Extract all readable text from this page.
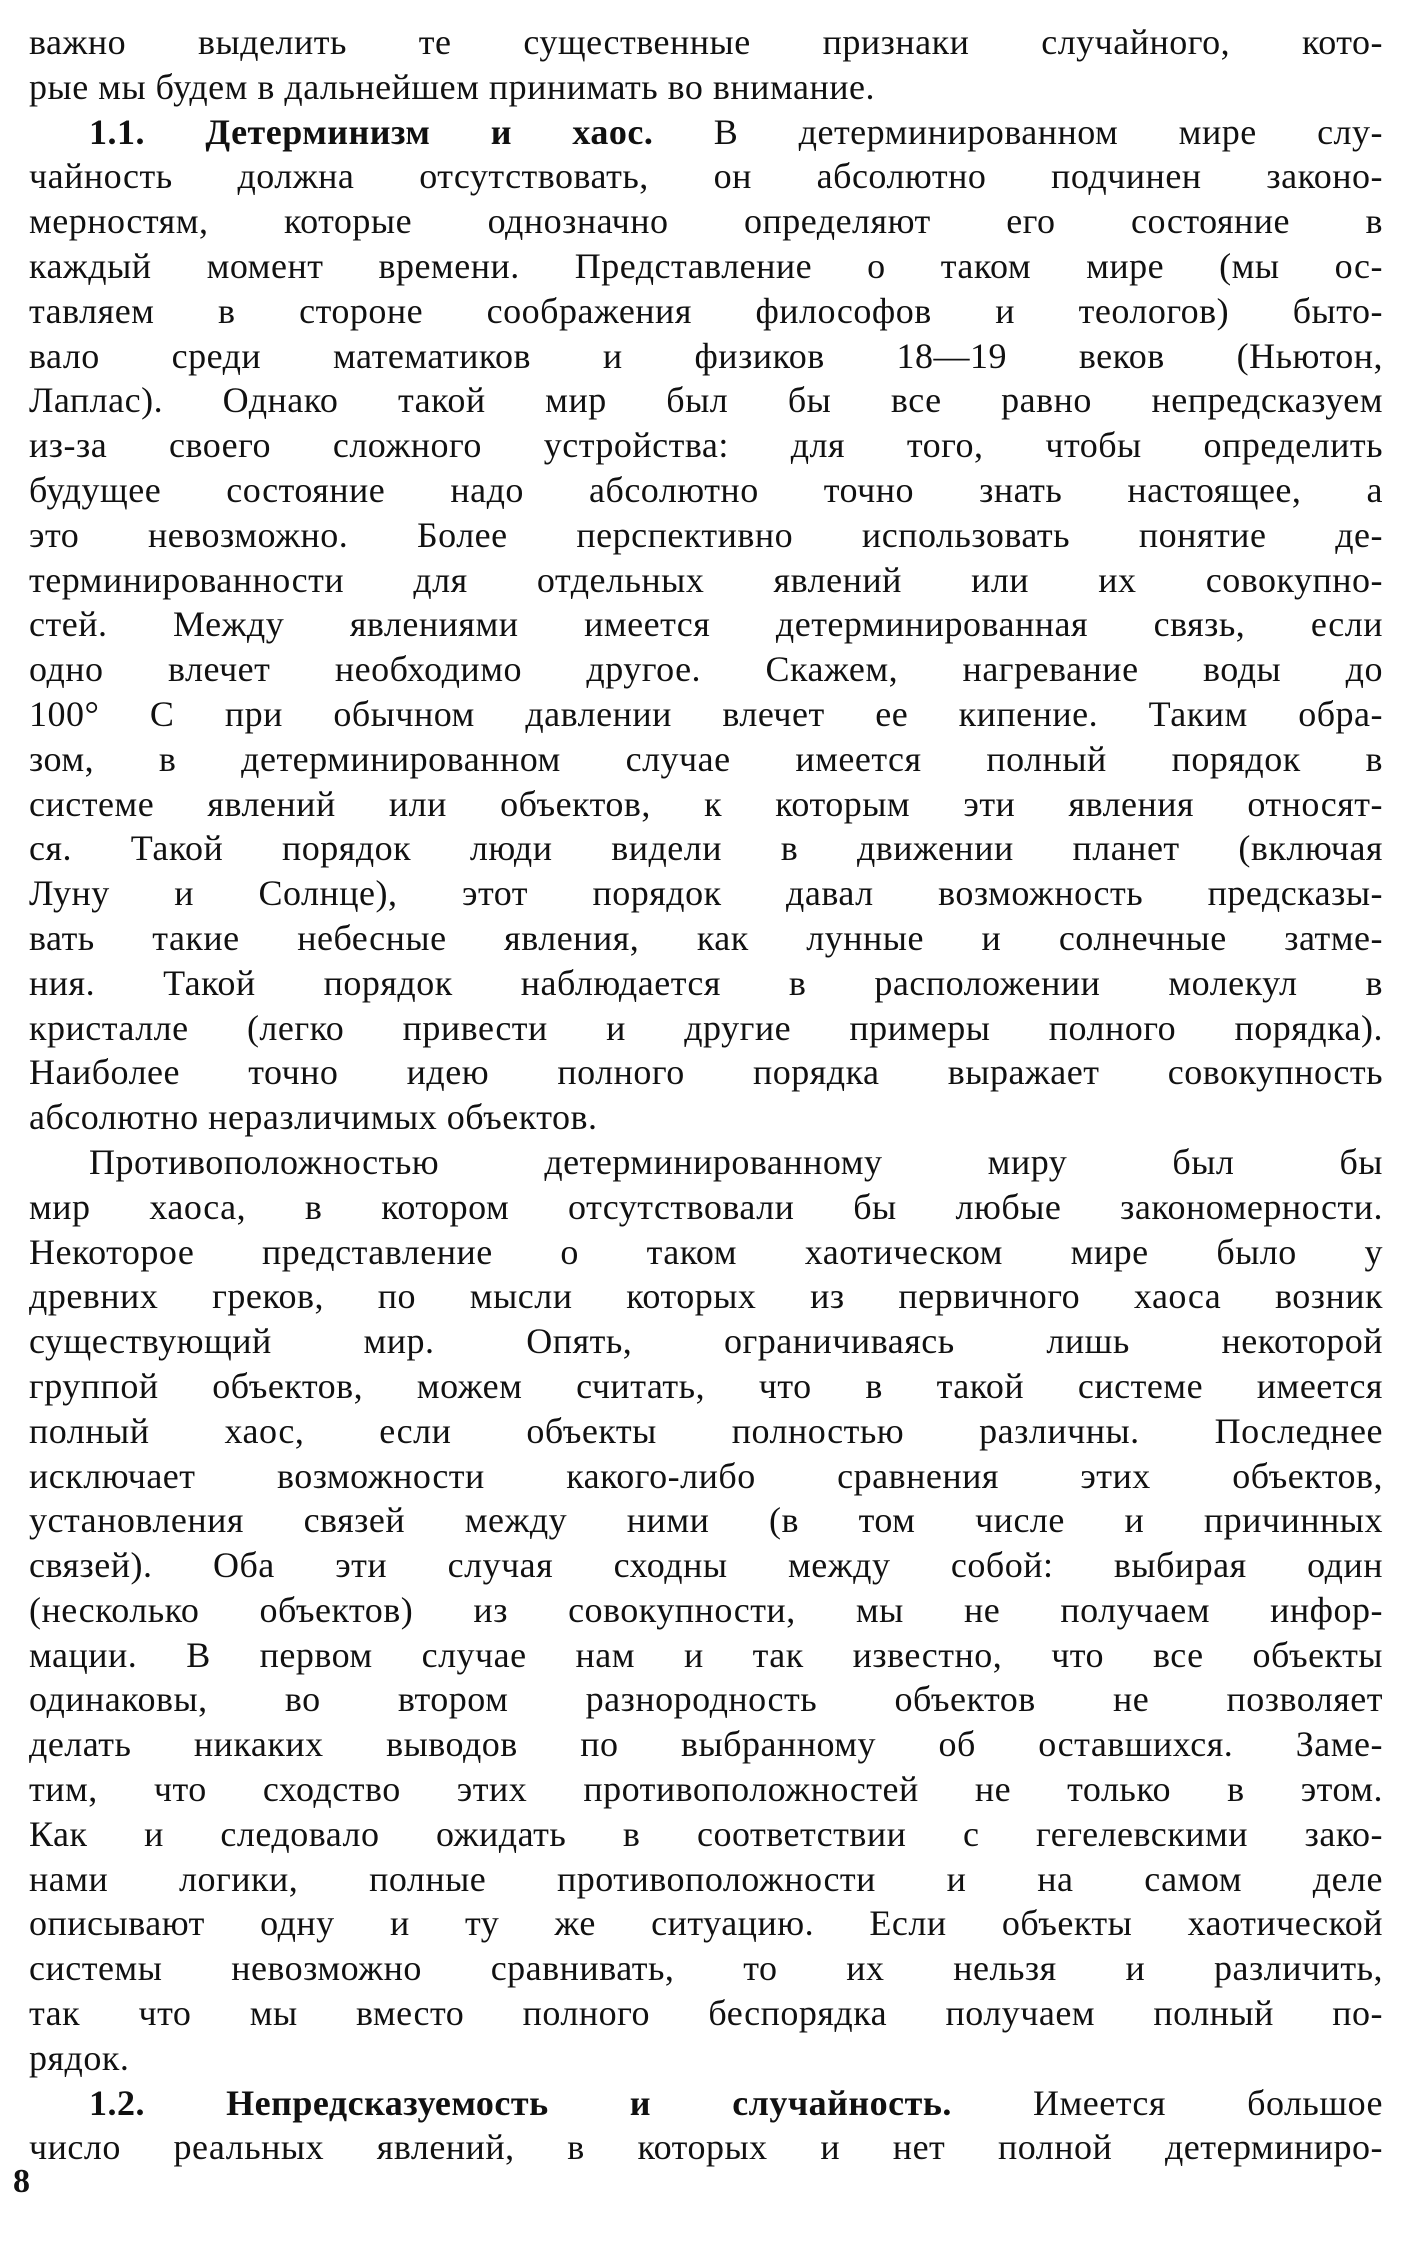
важно выделить те существенные признаки случайного, кото-
рые мы будем в дальнейшем принимать во внимание.
1.1. Детерминизм и хаос. В детерминированном мире слу-
чайность должна отсутствовать, он абсолютно подчинен законо-
мерностям, которые однозначно определяют его состояние в
каждый момент времени. Представление о таком мире (мы ос-
тавляем в стороне соображения философов и теологов) быто-
вало среди математиков и физиков 18—19 веков (Ньютон,
Лаплас). Однако такой мир был бы все равно непредсказуем
из-за своего сложного устройства: для того, чтобы определить
будущее состояние надо абсолютно точно знать настоящее, а
это невозможно. Более перспективно использовать понятие де-
терминированности для отдельных явлений или их совокупно-
стей. Между явлениями имеется детерминированная связь, если
одно влечет необходимо другое. Скажем, нагревание воды до
100° С при обычном давлении влечет ее кипение. Таким обра-
зом, в детерминированном случае имеется полный порядок в
системе явлений или объектов, к которым эти явления относят-
ся. Такой порядок люди видели в движении планет (включая
Луну и Солнце), этот порядок давал возможность предсказы-
вать такие небесные явления, как лунные и солнечные затме-
ния. Такой порядок наблюдается в расположении молекул в
кристалле (легко привести и другие примеры полного порядка).
Наиболее точно идею полного порядка выражает совокупность
абсолютно неразличимых объектов.
Противоположностью детерминированному миру был бы
мир хаоса, в котором отсутствовали бы любые закономерности.
Некоторое представление о таком хаотическом мире было у
древних греков, по мысли которых из первичного хаоса возник
существующий мир. Опять, ограничиваясь лишь некоторой
группой объектов, можем считать, что в такой системе имеется
полный хаос, если объекты полностью различны. Последнее
исключает возможности какого-либо сравнения этих объектов,
установления связей между ними (в том числе и причинных
связей). Оба эти случая сходны между собой: выбирая один
(несколько объектов) из совокупности, мы не получаем инфор-
мации. В первом случае нам и так известно, что все объекты
одинаковы, во втором разнородность объектов не позволяет
делать никаких выводов по выбранному об оставшихся. Заме-
тим, что сходство этих противоположностей не только в этом.
Как и следовало ожидать в соответствии с гегелевскими зако-
нами логики, полные противоположности и на самом деле
описывают одну и ту же ситуацию. Если объекты хаотической
системы невозможно сравнивать, то их нельзя и различить,
так что мы вместо полного беспорядка получаем полный по-
рядок.
1.2. Непредсказуемость и случайность. Имеется большое
число реальных явлений, в которых и нет полной детерминиро-
8
